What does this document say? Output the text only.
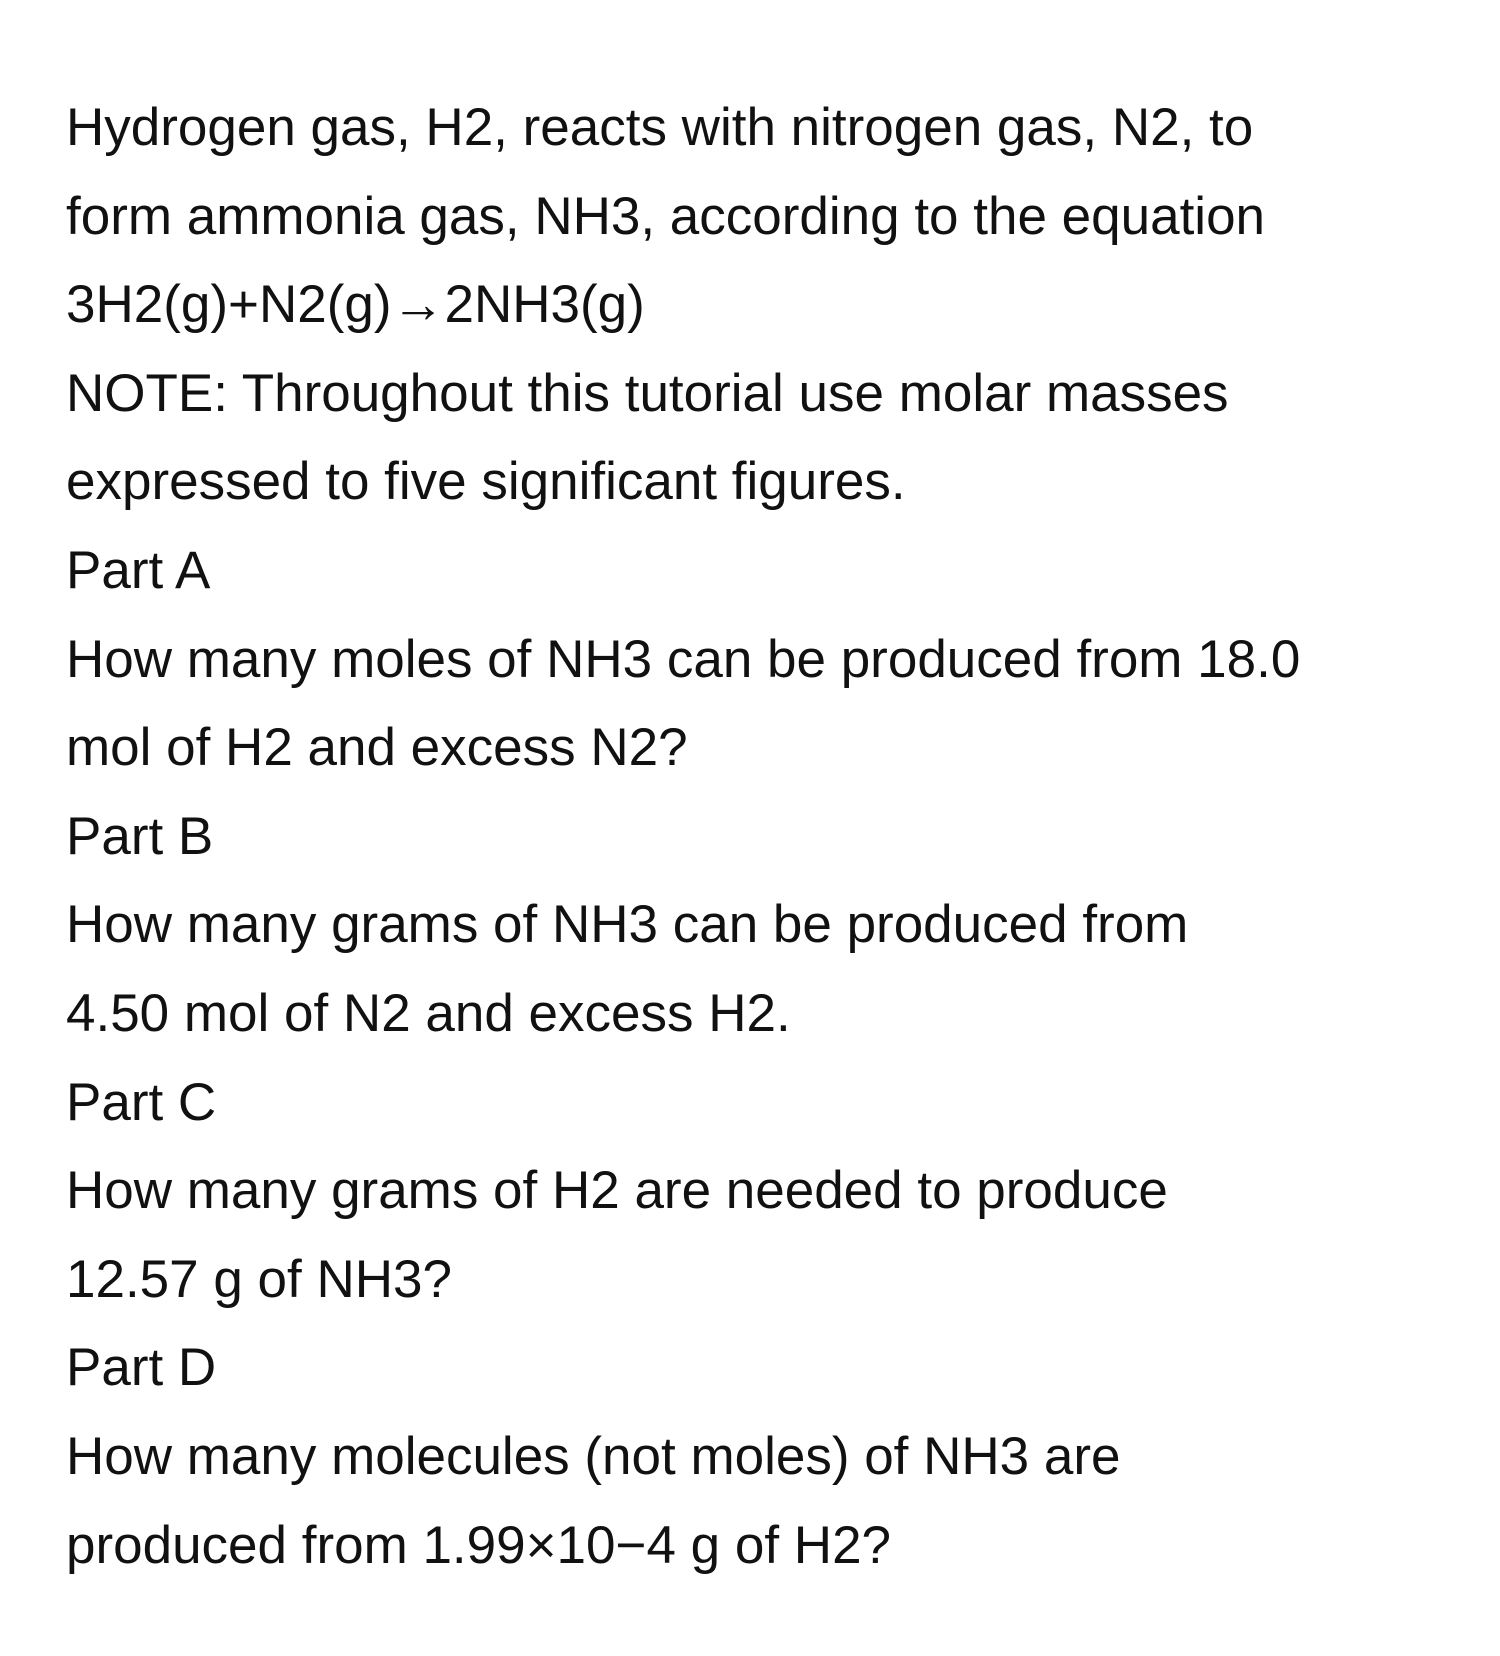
Hydrogen gas, H2, reacts with nitrogen gas, N2, to
form ammonia gas, NH3, according to the equation
3H2(g)+N2(g)→2NH3(g)
NOTE: Throughout this tutorial use molar masses
expressed to five significant figures.
Part A
How many moles of NH3 can be produced from 18.0
mol of H2 and excess N2?
Part B
How many grams of NH3 can be produced from
4.50 mol of N2 and excess H2.
Part C
How many grams of H2 are needed to produce
12.57 g of NH3?
Part D
How many molecules (not moles) of NH3 are
produced from 1.99×10−4 g of H2?
